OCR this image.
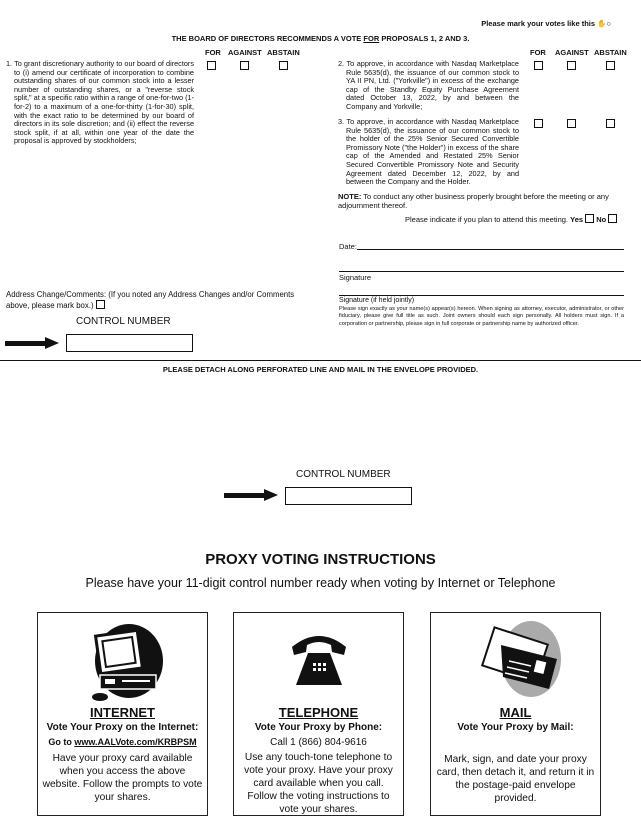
Please mark your votes like this ✋○
THE BOARD OF DIRECTORS RECOMMENDS A VOTE FOR PROPOSALS 1, 2 AND 3.
FOR AGAINST ABSTAIN	FOR AGAINST ABSTAIN
1. To grant discretionary authority to our board of directors to (i) amend our certificate of incorporation to combine outstanding shares of our common stock into a lesser number of outstanding shares, or a "reverse stock split," at a specific ratio within a range of one-for-two (1-for-2) to a maximum of a one-for-thirty (1-for-30) split, with the exact ratio to be determined by our board of directors in its sole discretion; and (ii) effect the reverse stock split, if at all, within one year of the date the proposal is approved by stockholders;
2. To approve, in accordance with Nasdaq Marketplace Rule 5635(d), the issuance of our common stock to YA II PN, Ltd. ("Yorkville") in excess of the exchange cap of the Standby Equity Purchase Agreement dated October 13, 2022, by and between the Company and Yorkville;
3. To approve, in accordance with Nasdaq Marketplace Rule 5635(d), the issuance of our common stock to the holder of the 25% Senior Secured Convertible Promissory Note ("the Holder") in excess of the share cap of the Amended and Restated 25% Senior Secured Convertible Promissory Note and Security Agreement dated December 12, 2022, by and between the Company and the Holder.
NOTE: To conduct any other business properly brought before the meeting or any adjournment thereof.
Please indicate if you plan to attend this meeting. Yes No
Date:
Signature
Signature (if held jointly)
Please sign exactly as your name(s) appear(s) hereon. When signing as attorney, executor, administrator, or other fiduciary, please give full title as such. Joint owners should each sign personally. All holders must sign. If a corporation or partnership, please sign in full corporate or partnership name by authorized officer.
Address Change/Comments: (If you noted any Address Changes and/or Comments above, please mark box.)
CONTROL NUMBER
PLEASE DETACH ALONG PERFORATED LINE AND MAIL IN THE ENVELOPE PROVIDED.
CONTROL NUMBER
PROXY VOTING INSTRUCTIONS
Please have your 11-digit control number ready when voting by Internet or Telephone
INTERNET
Vote Your Proxy on the Internet:
Go to www.AALVote.com/KRBPSM
Have your proxy card available when you access the above website. Follow the prompts to vote your shares.
TELEPHONE
Vote Your Proxy by Phone:
Call 1 (866) 804-9616
Use any touch-tone telephone to vote your proxy. Have your proxy card available when you call. Follow the voting instructions to vote your shares.
MAIL
Vote Your Proxy by Mail:
Mark, sign, and date your proxy card, then detach it, and return it in the postage-paid envelope provided.
